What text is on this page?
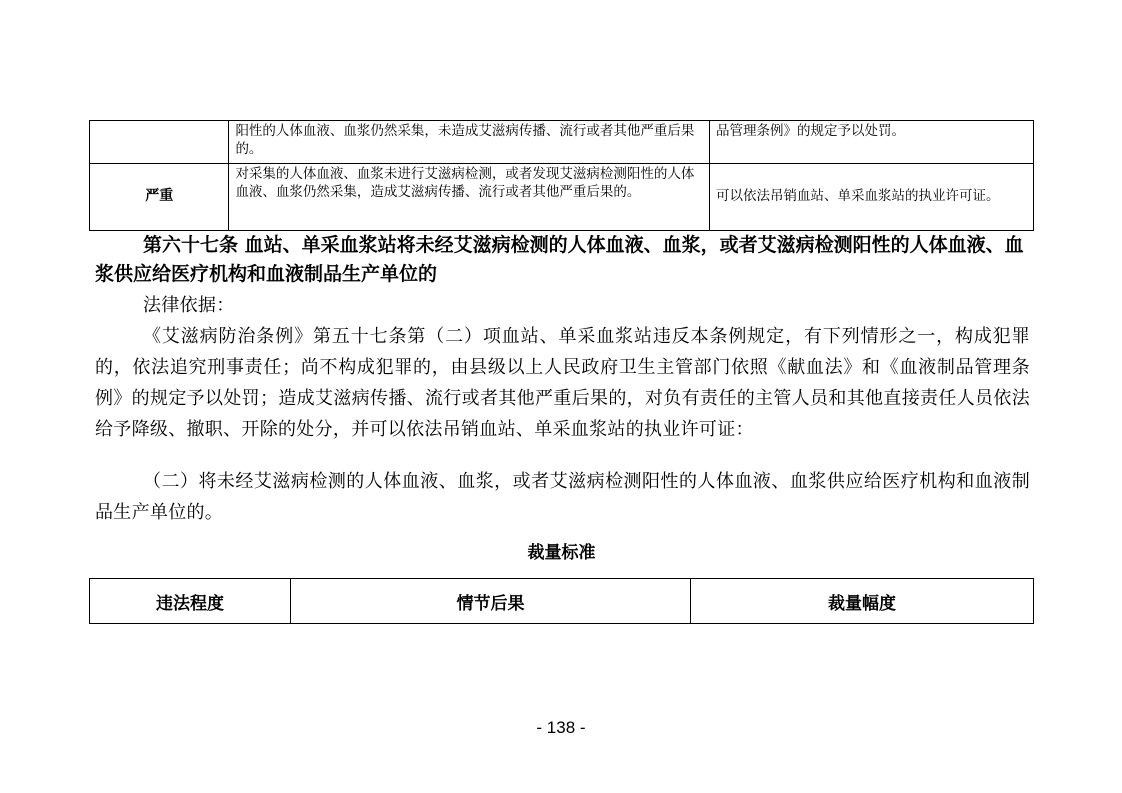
	阳性的人体血液、血浆仍然采集，未造成艾滋病传播、流行或者其他严重后果的。	品管理条例》的规定予以处罚。
严重	对采集的人体血液、血浆未进行艾滋病检测，或者发现艾滋病检测阳性的人体血液、血浆仍然采集，造成艾滋病传播、流行或者其他严重后果的。	可以依法吊销血站、单采血浆站的执业许可证。

第六十七条 血站、单采血浆站将未经艾滋病检测的人体血液、血浆，或者艾滋病检测阳性的人体血液、血浆供应给医疗机构和血液制品生产单位的

法律依据：

《艾滋病防治条例》第五十七条第（二）项血站、单采血浆站违反本条例规定，有下列情形之一，构成犯罪的，依法追究刑事责任；尚不构成犯罪的，由县级以上人民政府卫生主管部门依照《献血法》和《血液制品管理条例》的规定予以处罚；造成艾滋病传播、流行或者其他严重后果的，对负有责任的主管人员和其他直接责任人员依法给予降级、撤职、开除的处分，并可以依法吊销血站、单采血浆站的执业许可证：

（二）将未经艾滋病检测的人体血液、血浆，或者艾滋病检测阳性的人体血液、血浆供应给医疗机构和血液制品生产单位的。

裁量标准

违法程度	情节后果	裁量幅度
- 138 -
